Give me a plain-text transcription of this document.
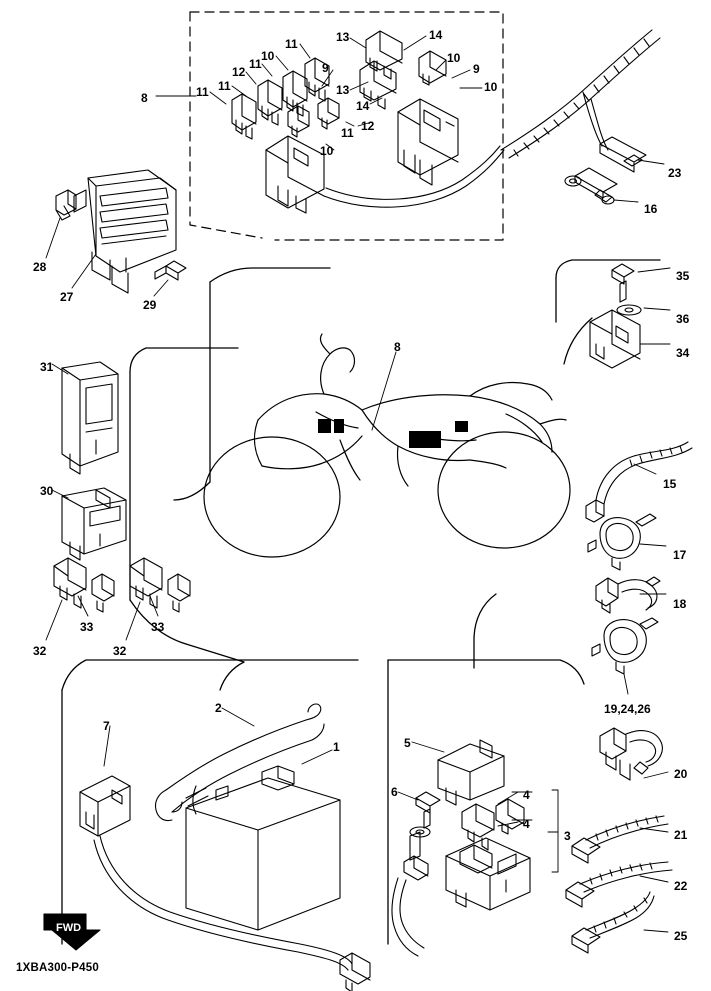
8	11 11
12
11
10
11
9
13	14
10
9
10
13
14
11 12
10
23
16
28
27
29
35
36
34
31
8
15
17
18
30
33
32
33
32
19,24,26
2
7
1	5
6	4
4
3
20
21
22
25
FWD
1XBA300-P450
